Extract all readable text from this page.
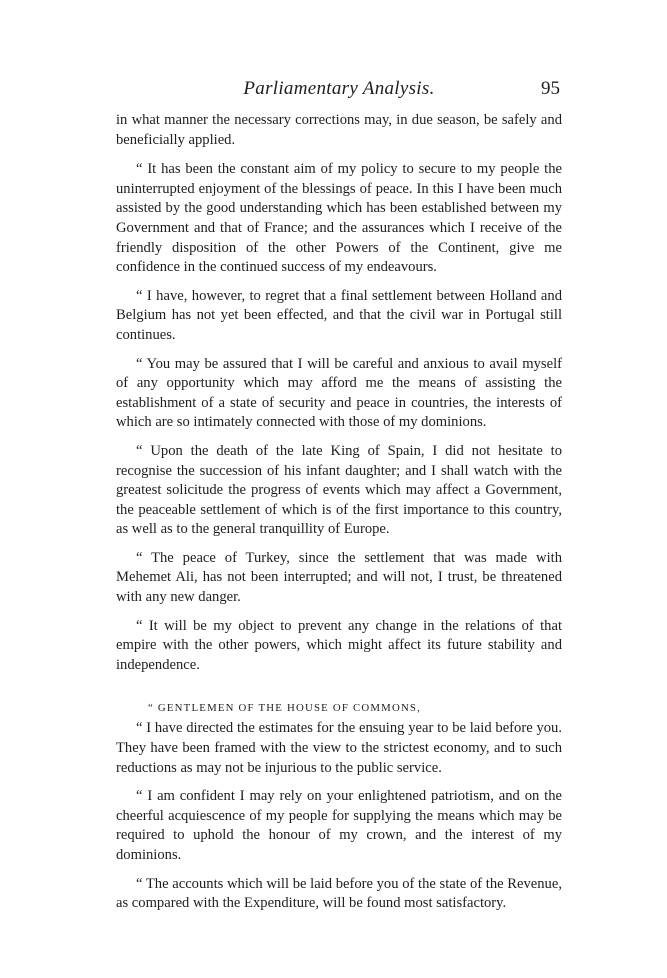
Parliamentary Analysis.	95

in what manner the necessary corrections may, in due season, be safely and beneficially applied.

“ It has been the constant aim of my policy to secure to my people the uninterrupted enjoyment of the blessings of peace. In this I have been much assisted by the good understanding which has been established between my Government and that of France; and the assurances which I receive of the friendly disposition of the other Powers of the Continent, give me confidence in the continued success of my endeavours.

“ I have, however, to regret that a final settlement between Holland and Belgium has not yet been effected, and that the civil war in Portugal still continues.

“ You may be assured that I will be careful and anxious to avail myself of any opportunity which may afford me the means of assisting the establishment of a state of security and peace in countries, the interests of which are so intimately connected with those of my dominions.

“ Upon the death of the late King of Spain, I did not hesitate to recognise the succession of his infant daughter; and I shall watch with the greatest solicitude the progress of events which may affect a Government, the peaceable settlement of which is of the first importance to this country, as well as to the general tranquillity of Europe.

“ The peace of Turkey, since the settlement that was made with Mehemet Ali, has not been interrupted; and will not, I trust, be threatened with any new danger.

“ It will be my object to prevent any change in the relations of that empire with the other powers, which might affect its future stability and independence.

“ GENTLEMEN OF THE HOUSE OF COMMONS,

“ I have directed the estimates for the ensuing year to be laid before you. They have been framed with the view to the strictest economy, and to such reductions as may not be injurious to the public service.

“ I am confident I may rely on your enlightened patriotism, and on the cheerful acquiescence of my people for supplying the means which may be required to uphold the honour of my crown, and the interest of my dominions.

“ The accounts which will be laid before you of the state of the Revenue, as compared with the Expenditure, will be found most satisfactory.
